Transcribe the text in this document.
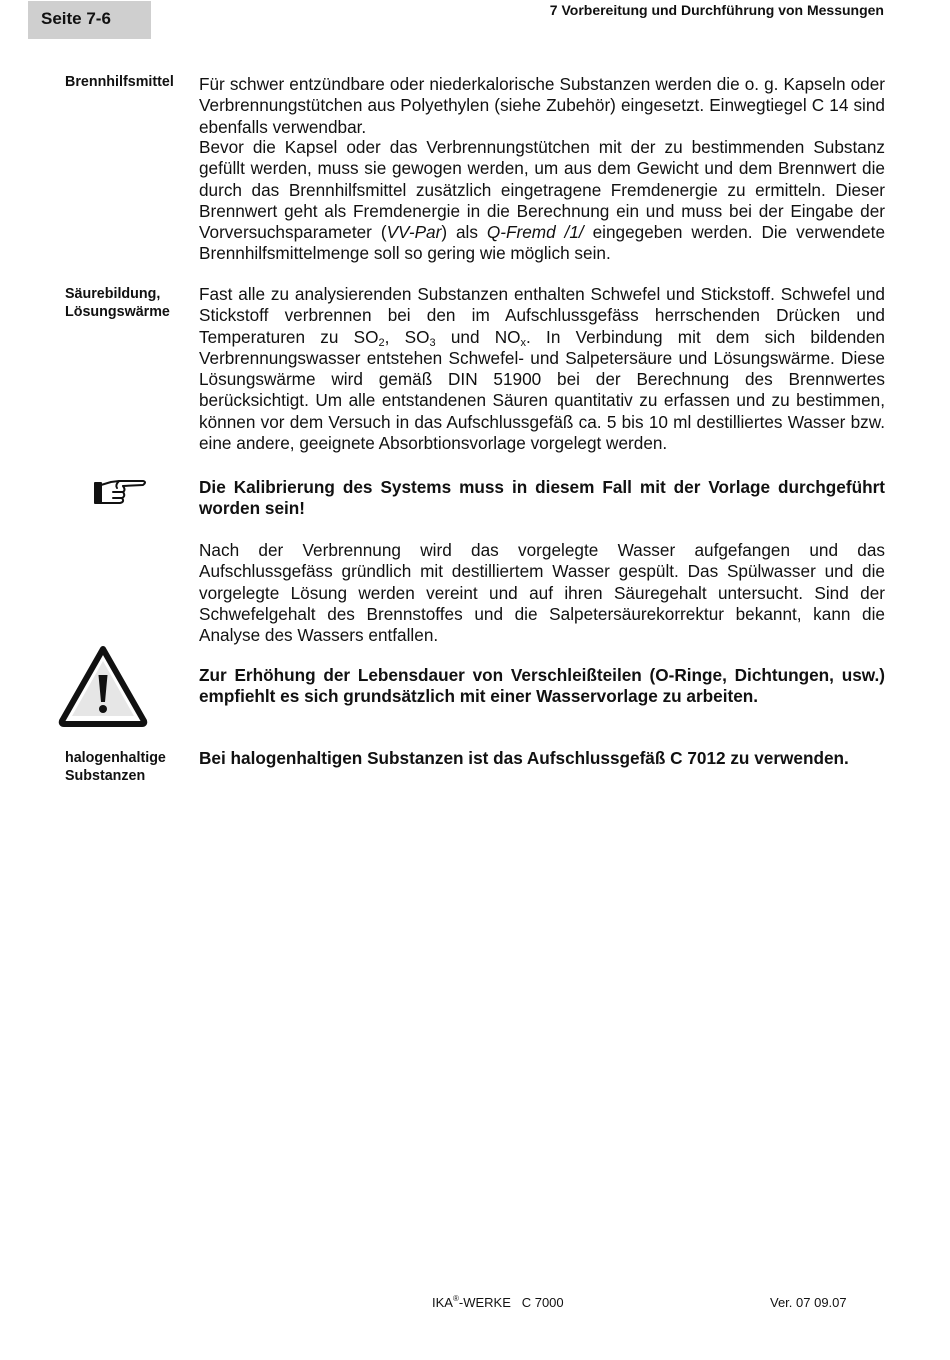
Seite 7-6	7 Vorbereitung und Durchführung von Messungen
Brennhilfsmittel	Für schwer entzündbare oder niederkalorische Substanzen werden die o. g. Kapseln oder Verbrennungstütchen aus Polyethylen (siehe Zubehör) eingesetzt. Einwegtiegel C 14 sind ebenfalls verwendbar.
Bevor die Kapsel oder das Verbrennungstütchen mit der zu bestimmenden Substanz gefüllt werden, muss sie gewogen werden, um aus dem Gewicht und dem Brennwert die durch das Brennhilfsmittel zusätzlich eingetragene Fremdenergie zu ermitteln. Dieser Brennwert geht als Fremdenergie in die Berechnung ein und muss bei der Eingabe der Vorversuchsparameter (VV-Par) als Q-Fremd /1/ eingegeben werden. Die verwendete Brennhilfsmittelmenge soll so gering wie möglich sein.
Säurebildung,
Lösungswärme
Fast alle zu analysierenden Substanzen enthalten Schwefel und Stickstoff. Schwefel und Stickstoff verbrennen bei den im Aufschlussgefäss herrschenden Drücken und Temperaturen zu $SO_2$, $SO_3$ und $NO_x$. In Verbindung mit dem sich bildenden Verbrennungswasser entstehen Schwefel- und Salpetersäure und Lösungswärme. Diese Lösungswärme wird gemäß DIN 51900 bei der Berechnung des Brennwertes berücksichtigt. Um alle entstandenen Säuren quantitativ zu erfassen und zu bestimmen, können vor dem Versuch in das Aufschlussgefäß ca. 5 bis 10 ml destilliertes Wasser bzw. eine andere, geeignete Absorbtionsvorlage vorgelegt werden.
Die Kalibrierung des Systems muss in diesem Fall mit der Vorlage durchgeführt worden sein!
Nach der Verbrennung wird das vorgelegte Wasser aufgefangen und das Aufschlussgefäss gründlich mit destilliertem Wasser gespült. Das Spülwasser und die vorgelegte Lösung werden vereint und auf ihren Säuregehalt untersucht. Sind der Schwefelgehalt des Brennstoffes und die Salpetersäurekorrektur bekannt, kann die Analyse des Wassers entfallen.
Zur Erhöhung der Lebensdauer von Verschleißteilen (O-Ringe, Dichtungen, usw.) empfiehlt es sich grundsätzlich mit einer Wasservorlage zu arbeiten.
halogenhaltige
Substanzen
Bei halogenhaltigen Substanzen ist das Aufschlussgefäß C 7012 zu verwenden.
IKA®-WERKE   C 7000	Ver. 07 09.07
